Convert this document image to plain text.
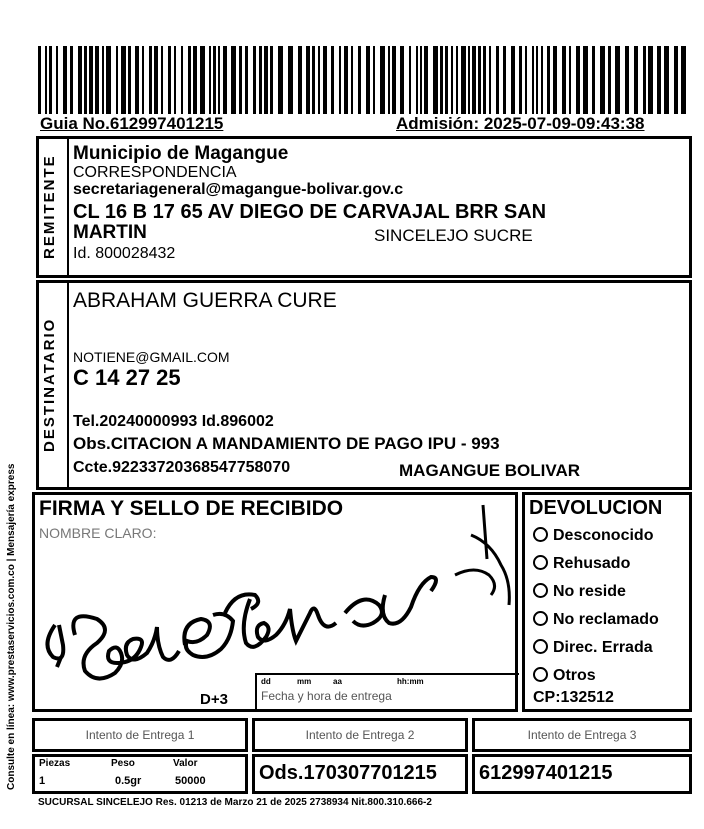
Guia No.612997401215	Admisión: 2025-07-09-09:43:38
REMITENTE
Municipio de Magangue
CORRESPONDENCIA
secretariageneral@magangue-bolivar.gov.c
CL 16 B 17 65 AV DIEGO DE CARVAJAL BRR SAN
MARTIN	SINCELEJO SUCRE
Id. 800028432
DESTINATARIO
ABRAHAM GUERRA CURE
NOTIENE@GMAIL.COM
C 14 27 25
Tel.20240000993 Id.896002
Obs.CITACION A MANDAMIENTO DE PAGO IPU - 993
Ccte.92233720368547758070	MAGANGUE BOLIVAR
FIRMA Y SELLO DE RECIBIDO
NOMBRE CLARO:
D+3
dd	mm	aa	hh:mm
Fecha y hora de entrega
DEVOLUCION
Desconocido
Rehusado
No reside
No reclamado
Direc. Errada
Otros
CP:132512
Intento de Entrega 1	Intento de Entrega 2	Intento de Entrega 3
Piezas	Peso	Valor
1	0.5gr	50000	Ods.170307701215 612997401215
SUCURSAL SINCELEJO Res. 01213 de Marzo 21 de 2025 2738934 Nit.800.310.666-2
Consulte en línea: www.prestaservicios.com.co | Mensajería express
